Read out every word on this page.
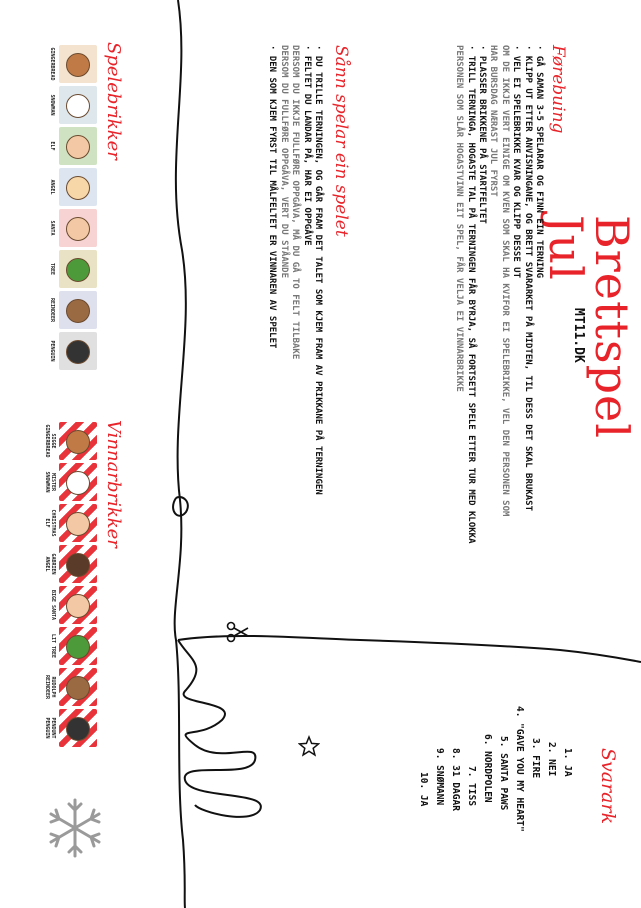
Brettspel Jul
MT11.DK
Førebuing
· GÅ SAMAN 3-5 SPELARAR OG FINN EIN TERNING
· KLIPP UT ETTER ANVISNINGANE, OG BRETT SVARARKET PÅ MIDTEN, TIL DESS DET SKAL BRUKAST
· VEL EI SPELEBRIKKE KVAR OG KLIPP DESSE UT
OM DE IKKJE VERT EINIGE OM KVEN SOM SKAL HA KVIFOR EI SPELEBRIKKE, VEL DEN PERSONEN SOM
HAR BURSDAG NÆRAST JUL FYRST
· PLASSER BRIKKENE PÅ STARTFELTET
· TRILL TERNINGA, HOGASTE TAL PÅ TERNINGEN FÅR BYRJA, SÅ FORTSETT SPELE ETTER TUR MED KLOKKA
PERSONEN SOM SLÅR HOGASTVINN EIT SPEL, FÅR VELJA EI VINNARBRIKKE
Sånn spelar ein spelet
· DU TRILLE TERNINGEN, OG GÅR FRAM DET TALET SOM KJEM FRAM AV PRIKKANE PÅ TERNINGEN
· FELTET DU LANDAR PÅ, HAR EI OPPGÅVE
DERSOM DU IKKJE FULLFØRE OPPGÅVA, MÅ DU GÅ TO FELT TILBAKE
DERSOM DU FULLFØRE OPPGÅVA, VERT DU STÅANDE
· DEN SOM KJEM FYRST TIL MÅLFELTET ER VINNAREN AV SPELET
Svarark
1. JA
2. NEI
3. FIRE
4. "GAVE YOU MY HEART"
5. SANTA PAWS
6. NORDPOLEN
7. TISS
8. 31 DAGAR
9. SNØMANN
10. JA
Spelebrikker
GINGERBREAD
SNOWMAN
ELF
ANGEL
SANTA
TREE
REINDEER
PENGUIN
Vinnarbrikker
SIGGE GINGERBREAD
MISTER SNOWMAN
CHRISTMAS ELF
GABRIEN ANGEL
BIGE SANTA
LIT TREE
RUDOLPH REINDEER
PENDUNT PENGUIN
